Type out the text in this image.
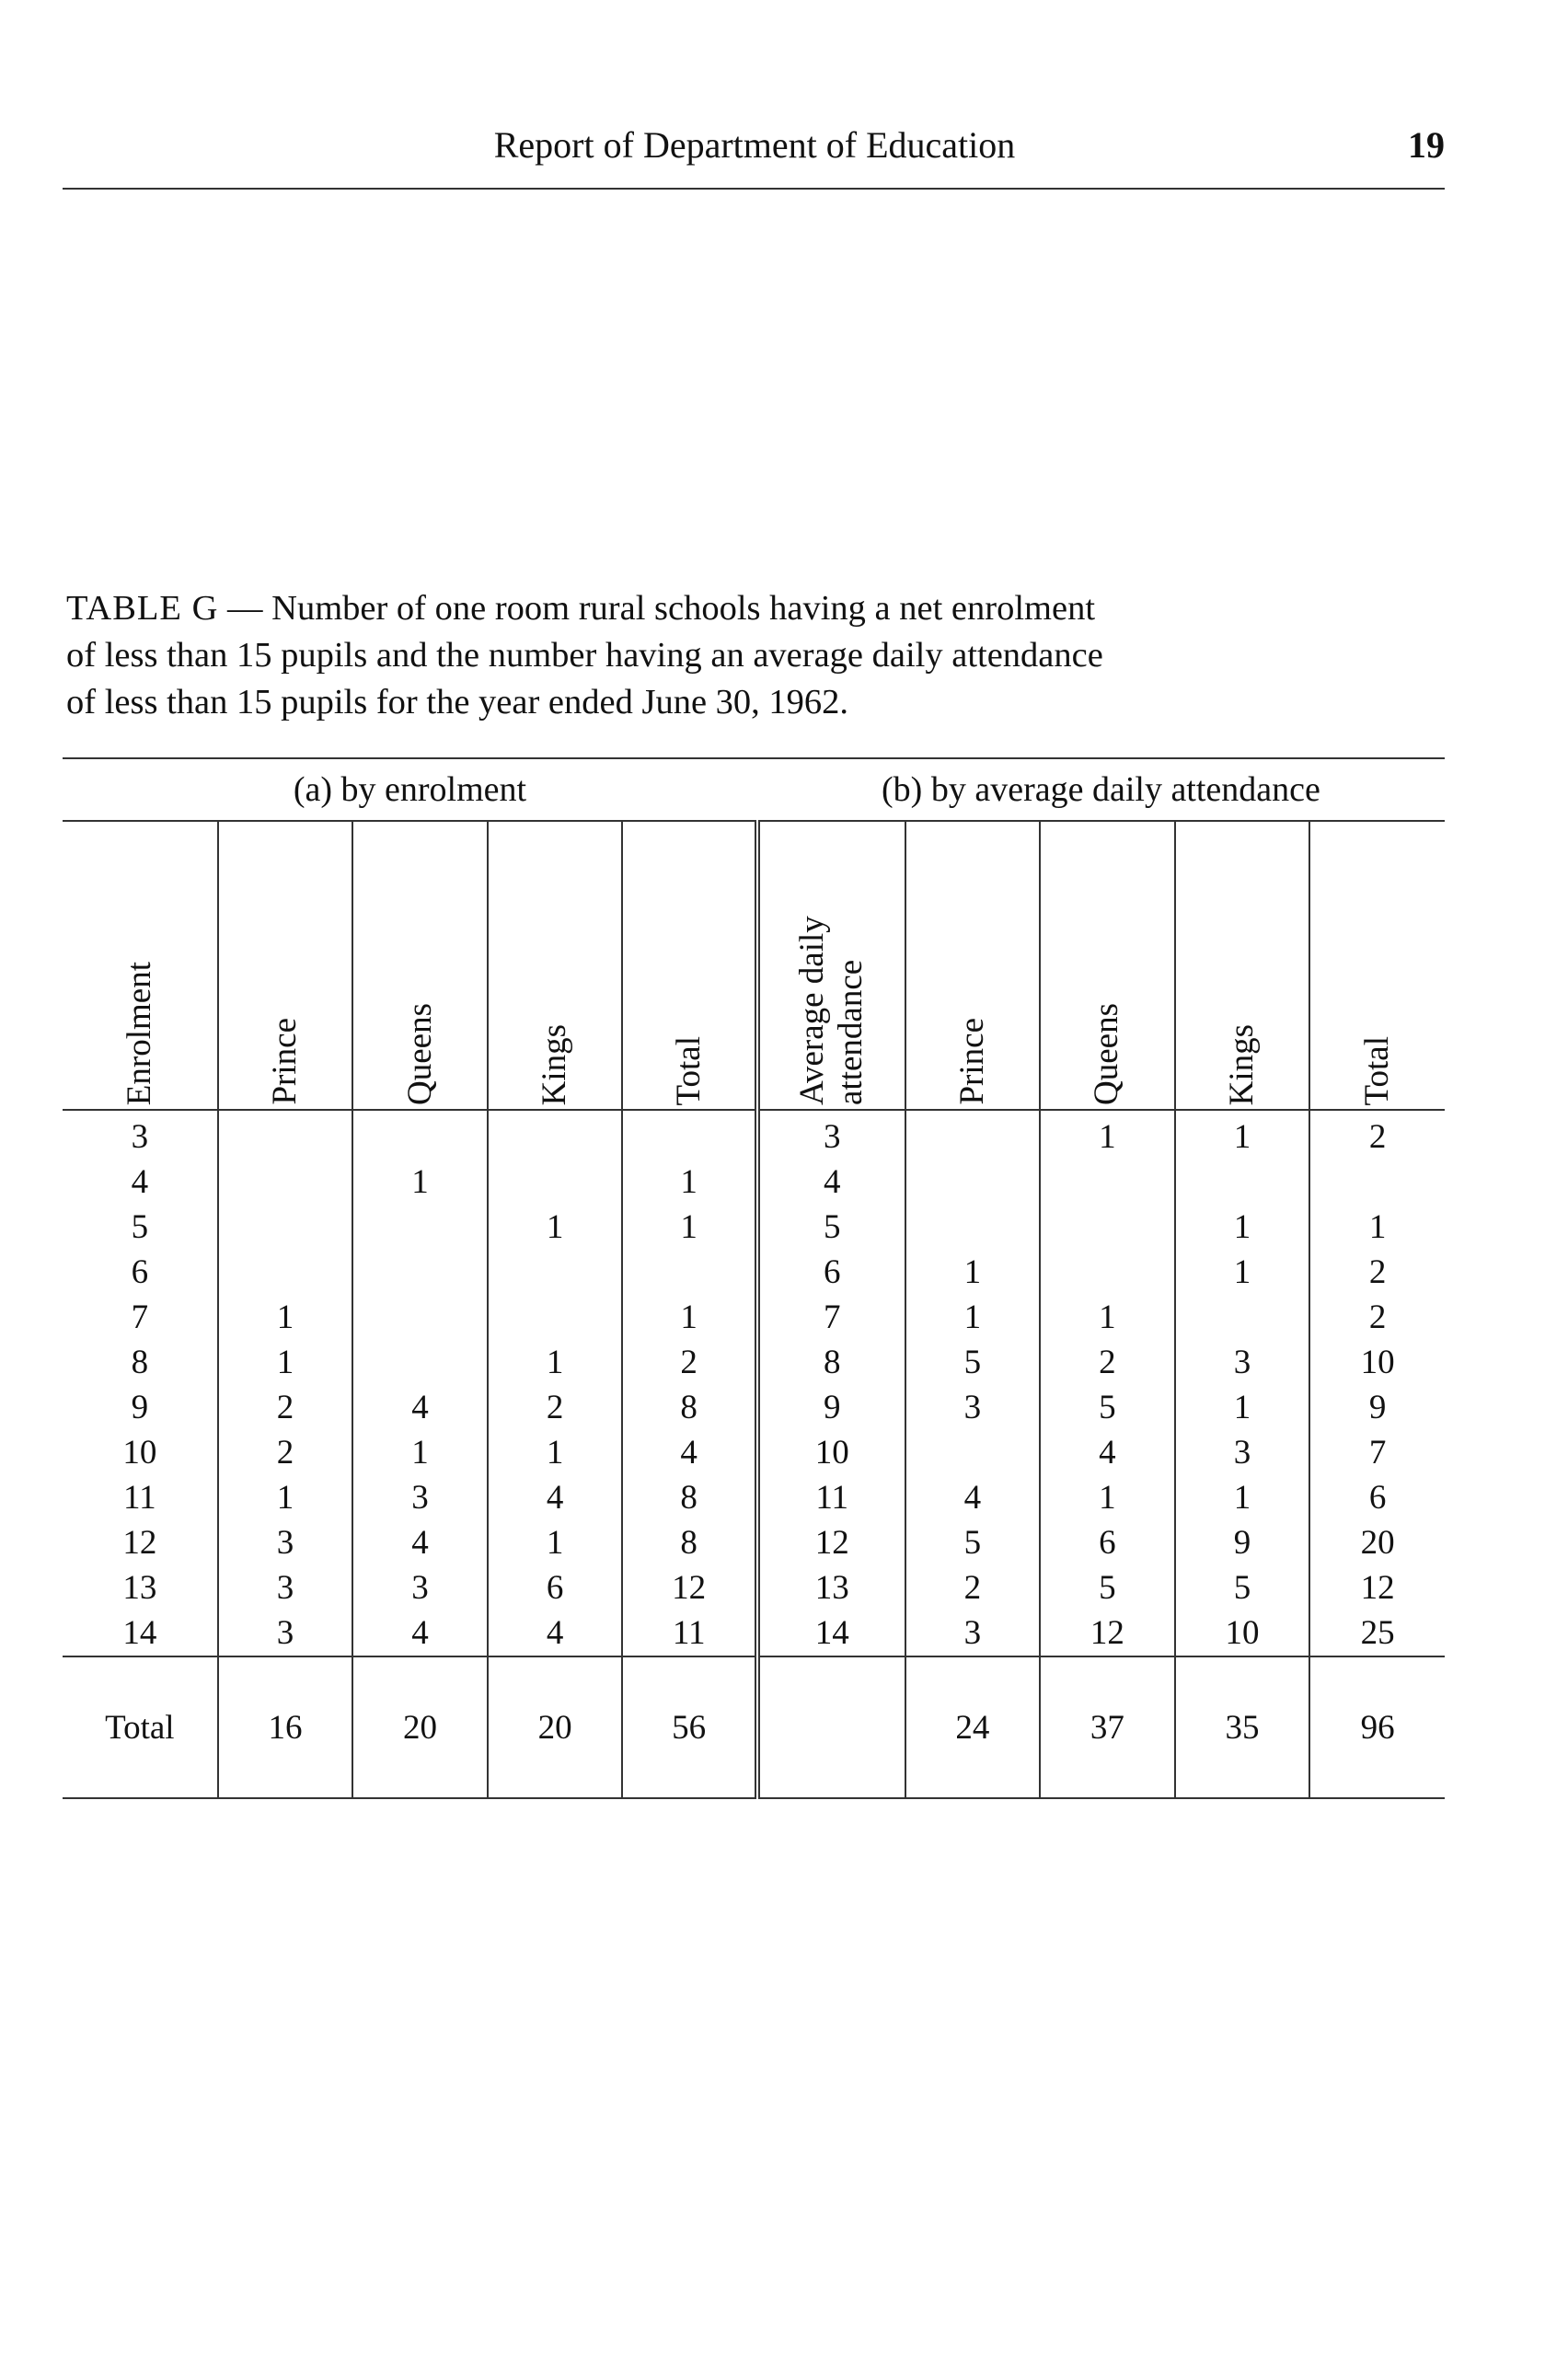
Report of Department of Education	19
TABLE G — Number of one room rural schools having a net enrolment
of less than 15 pupils and the number having an average daily attendance
of less than 15 pupils for the year ended June 30, 1962.
(a) by enrolment					(b) by average daily attendance				

Enrolment	Prince	Queens	Kings	Total	Average daily attendance	Prince	Queens	Kings	Total

3					3		1	1	2
4		1		1	4				
5			1	1	5			1	1
6					6	1		1	2
7	1			1	7	1	1		2
8	1		1	2	8	5	2	3	10
9	2	4	2	8	9	3	5	1	9
10	2	1	1	4	10		4	3	7
11	1	3	4	8	11	4	1	1	6
12	3	4	1	8	12	5	6	9	20
13	3	3	6	12	13	2	5	5	12
14	3	4	4	11	14	3	12	10	25
Total	16	20	20	56		24	37	35	96
